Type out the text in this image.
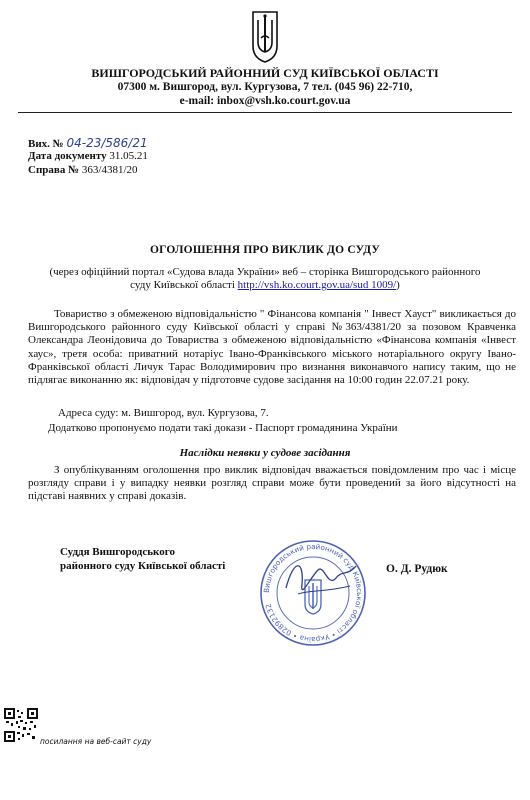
ВИШГОРОДСЬКИЙ РАЙОННИЙ СУД КИЇВСЬКОЇ ОБЛАСТІ
07300 м. Вишгород, вул. Кургузова, 7 тел. (045 96) 22-710,
e-mail: inbox@vsh.ko.court.gov.ua
Вих. № 04-23/586/21
Дата документу 31.05.21
Справа № 363/4381/20
ОГОЛОШЕННЯ ПРО ВИКЛИК ДО СУДУ
(через офіційний портал «Судова влада України» веб – сторінка Вишгородського районного суду Київської області http://vsh.ko.court.gov.ua/sud 1009/)
Товариство з обмеженою відповідальністю " Фінансова компанія " Інвест Хауст" викликається до Вишгородського районного суду Київської області у справі №363/4381/20 за позовом Кравченка Олександра Леонідовича до Товариства з обмеженою відповідальністю «Фінансова компанія «Інвест хаус», третя особа: приватний нотаріус Івано-Франківського міського нотаріального округу Івано-Франківської області Личук Тарас Володимирович про визнання виконавчого напису таким, що не підлягає виконанню як: відповідач у підготовче судове засідання на 10:00 годин 22.07.21 року.
Адреса суду: м. Вишгород, вул. Кургузова, 7.
Додатково пропонуємо подати такі докази - Паспорт громадянина України
Наслідки неявки у судове засідання
З опублікуванням оголошення про виклик відповідач вважається повідомленим про час і місце розгляду справи і у випадку неявки розгляд справи може бути проведений за його відсутності на підставі наявних у справі доказів.
Суддя Вишгородського
районного суду Київської області	О. Д. Рудюк
Вишгородський районний суд Київської області • Україна • 02892132
посилання на веб-сайт суду
